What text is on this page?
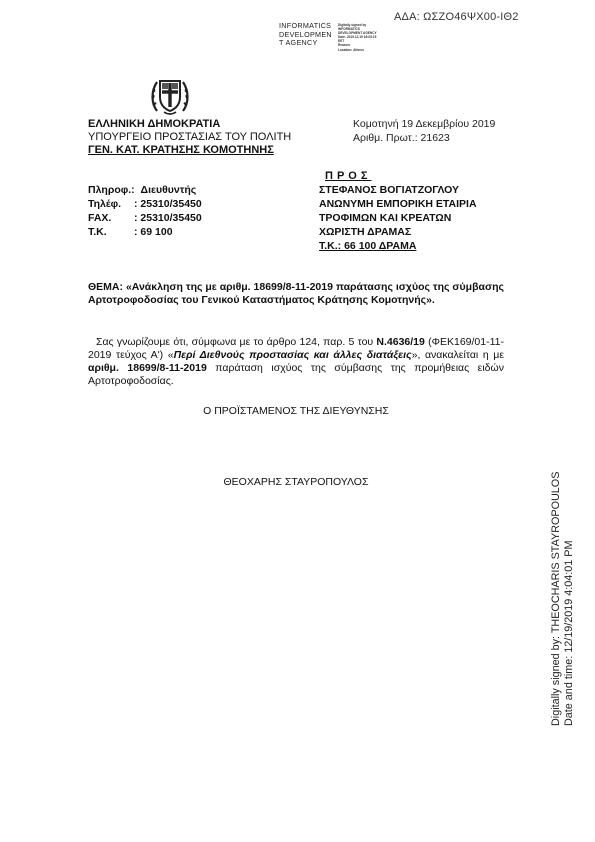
ΑΔΑ: ΩΣΖΟ46ΨΧ00-ΙΘ2
INFORMATICS
DEVELOPMEN
T AGENCY
Digitally signed by
INFORMATICS
DEVELOPMENT AGENCY
Date: 2019.12.19 16:05:15
EET
Reason:
Location: Athens
ΕΛΛΗΝΙΚΗ ΔΗΜΟΚΡΑΤΙΑ
ΥΠΟΥΡΓΕΙΟ ΠΡΟΣΤΑΣΙΑΣ ΤΟΥ ΠΟΛΙΤΗ
ΓΕΝ. ΚΑΤ. ΚΡΑΤΗΣΗΣ ΚΟΜΟΤΗΝΗΣ
Κομοτηνή 19 Δεκεμβρίου 2019
Αριθμ. Πρωτ.: 21623
ΠΡΟΣ
Πληροφ.: Διευθυντής
Τηλέφ. : 25310/35450
FAX. : 25310/35450
Τ.Κ.	: 69 100
ΣΤΕΦΑΝΟΣ ΒΟΓΙΑΤΖΟΓΛΟΥ
ΑΝΩΝΥΜΗ ΕΜΠΟΡΙΚΗ ΕΤΑΙΡΙΑ
ΤΡΟΦΙΜΩΝ ΚΑΙ ΚΡΕΑΤΩΝ
ΧΩΡΙΣΤΗ ΔΡΑΜΑΣ
Τ.Κ.: 66 100 ΔΡΑΜΑ
ΘΕΜΑ: «Ανάκληση της με αριθμ. 18699/8-11-2019 παράτασης ισχύος της σύμβασης Αρτοτροφοδοσίας του Γενικού Καταστήματος Κράτησης Κομοτηνής».
Σας γνωρίζουμε ότι, σύμφωνα με το άρθρο 124, παρ. 5 του Ν.4636/19 (ΦΕΚ169/01-11-2019 τεύχος Α') «Περί Διεθνούς προστασίας και άλλες διατάξεις», ανακαλείται η με αριθμ. 18699/8-11-2019 παράταση ισχύος της σύμβασης της προμήθειας ειδών Αρτοτροφοδοσίας.
Ο ΠΡΟΪΣΤΑΜΕΝΟΣ ΤΗΣ ΔΙΕΥΘΥΝΣΗΣ
ΘΕΟΧΑΡΗΣ ΣΤΑΥΡΟΠΟΥΛΟΣ	Digitally signed by: THEOCHARIS STAYROPOULOS Date and time: 12/19/2019 4:04:01 PM
